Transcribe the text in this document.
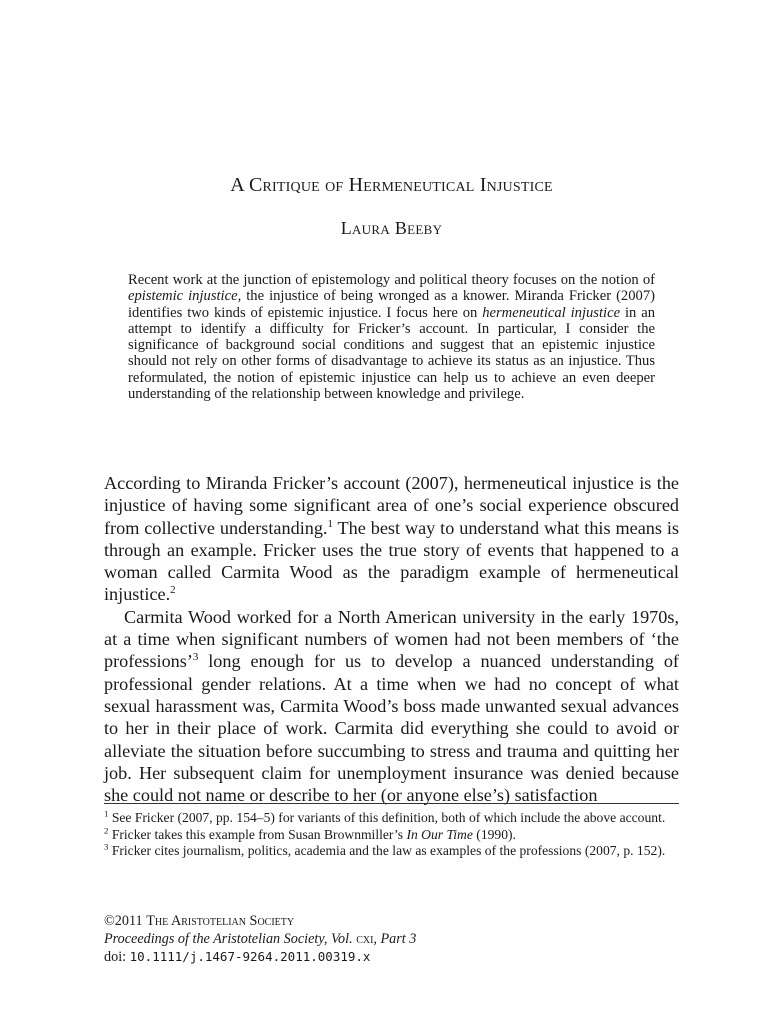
A Critique of Hermeneutical Injustice
Laura Beeby
Recent work at the junction of epistemology and political theory focuses on the notion of epistemic injustice, the injustice of being wronged as a knower. Miranda Fricker (2007) identifies two kinds of epistemic injustice. I focus here on hermeneutical injustice in an attempt to identify a difficulty for Fricker’s account. In particular, I consider the significance of background social conditions and suggest that an epistemic injustice should not rely on other forms of disadvantage to achieve its status as an injustice. Thus reformulated, the notion of epistemic injustice can help us to achieve an even deeper understanding of the relationship between knowledge and privilege.

According to Miranda Fricker’s account (2007), hermeneutical injustice is the injustice of having some significant area of one’s social experience obscured from collective understanding.$^1$ The best way to understand what this means is through an example. Fricker uses the true story of events that happened to a woman called Carmita Wood as the paradigm example of hermeneutical injustice.$^2$

Carmita Wood worked for a North American university in the early 1970s, at a time when significant numbers of women had not been members of ‘the professions’$^3$ long enough for us to develop a nuanced understanding of professional gender relations. At a time when we had no concept of what sexual harassment was, Carmita Wood’s boss made unwanted sexual advances to her in their place of work. Carmita did everything she could to avoid or alleviate the situation before succumbing to stress and trauma and quitting her job. Her subsequent claim for unemployment insurance was denied because she could not name or describe to her (or anyone else’s) satisfaction

$^1$ See Fricker (2007, pp. 154–5) for variants of this definition, both of which include the above account.

$^2$ Fricker takes this example from Susan Brownmiller’s In Our Time (1990).

$^3$ Fricker cites journalism, politics, academia and the law as examples of the professions (2007, p. 152).

©2011 The Aristotelian Society
Proceedings of the Aristotelian Society, Vol. cxi, Part 3
doi: 10.1111/j.1467-9264.2011.00319.x
